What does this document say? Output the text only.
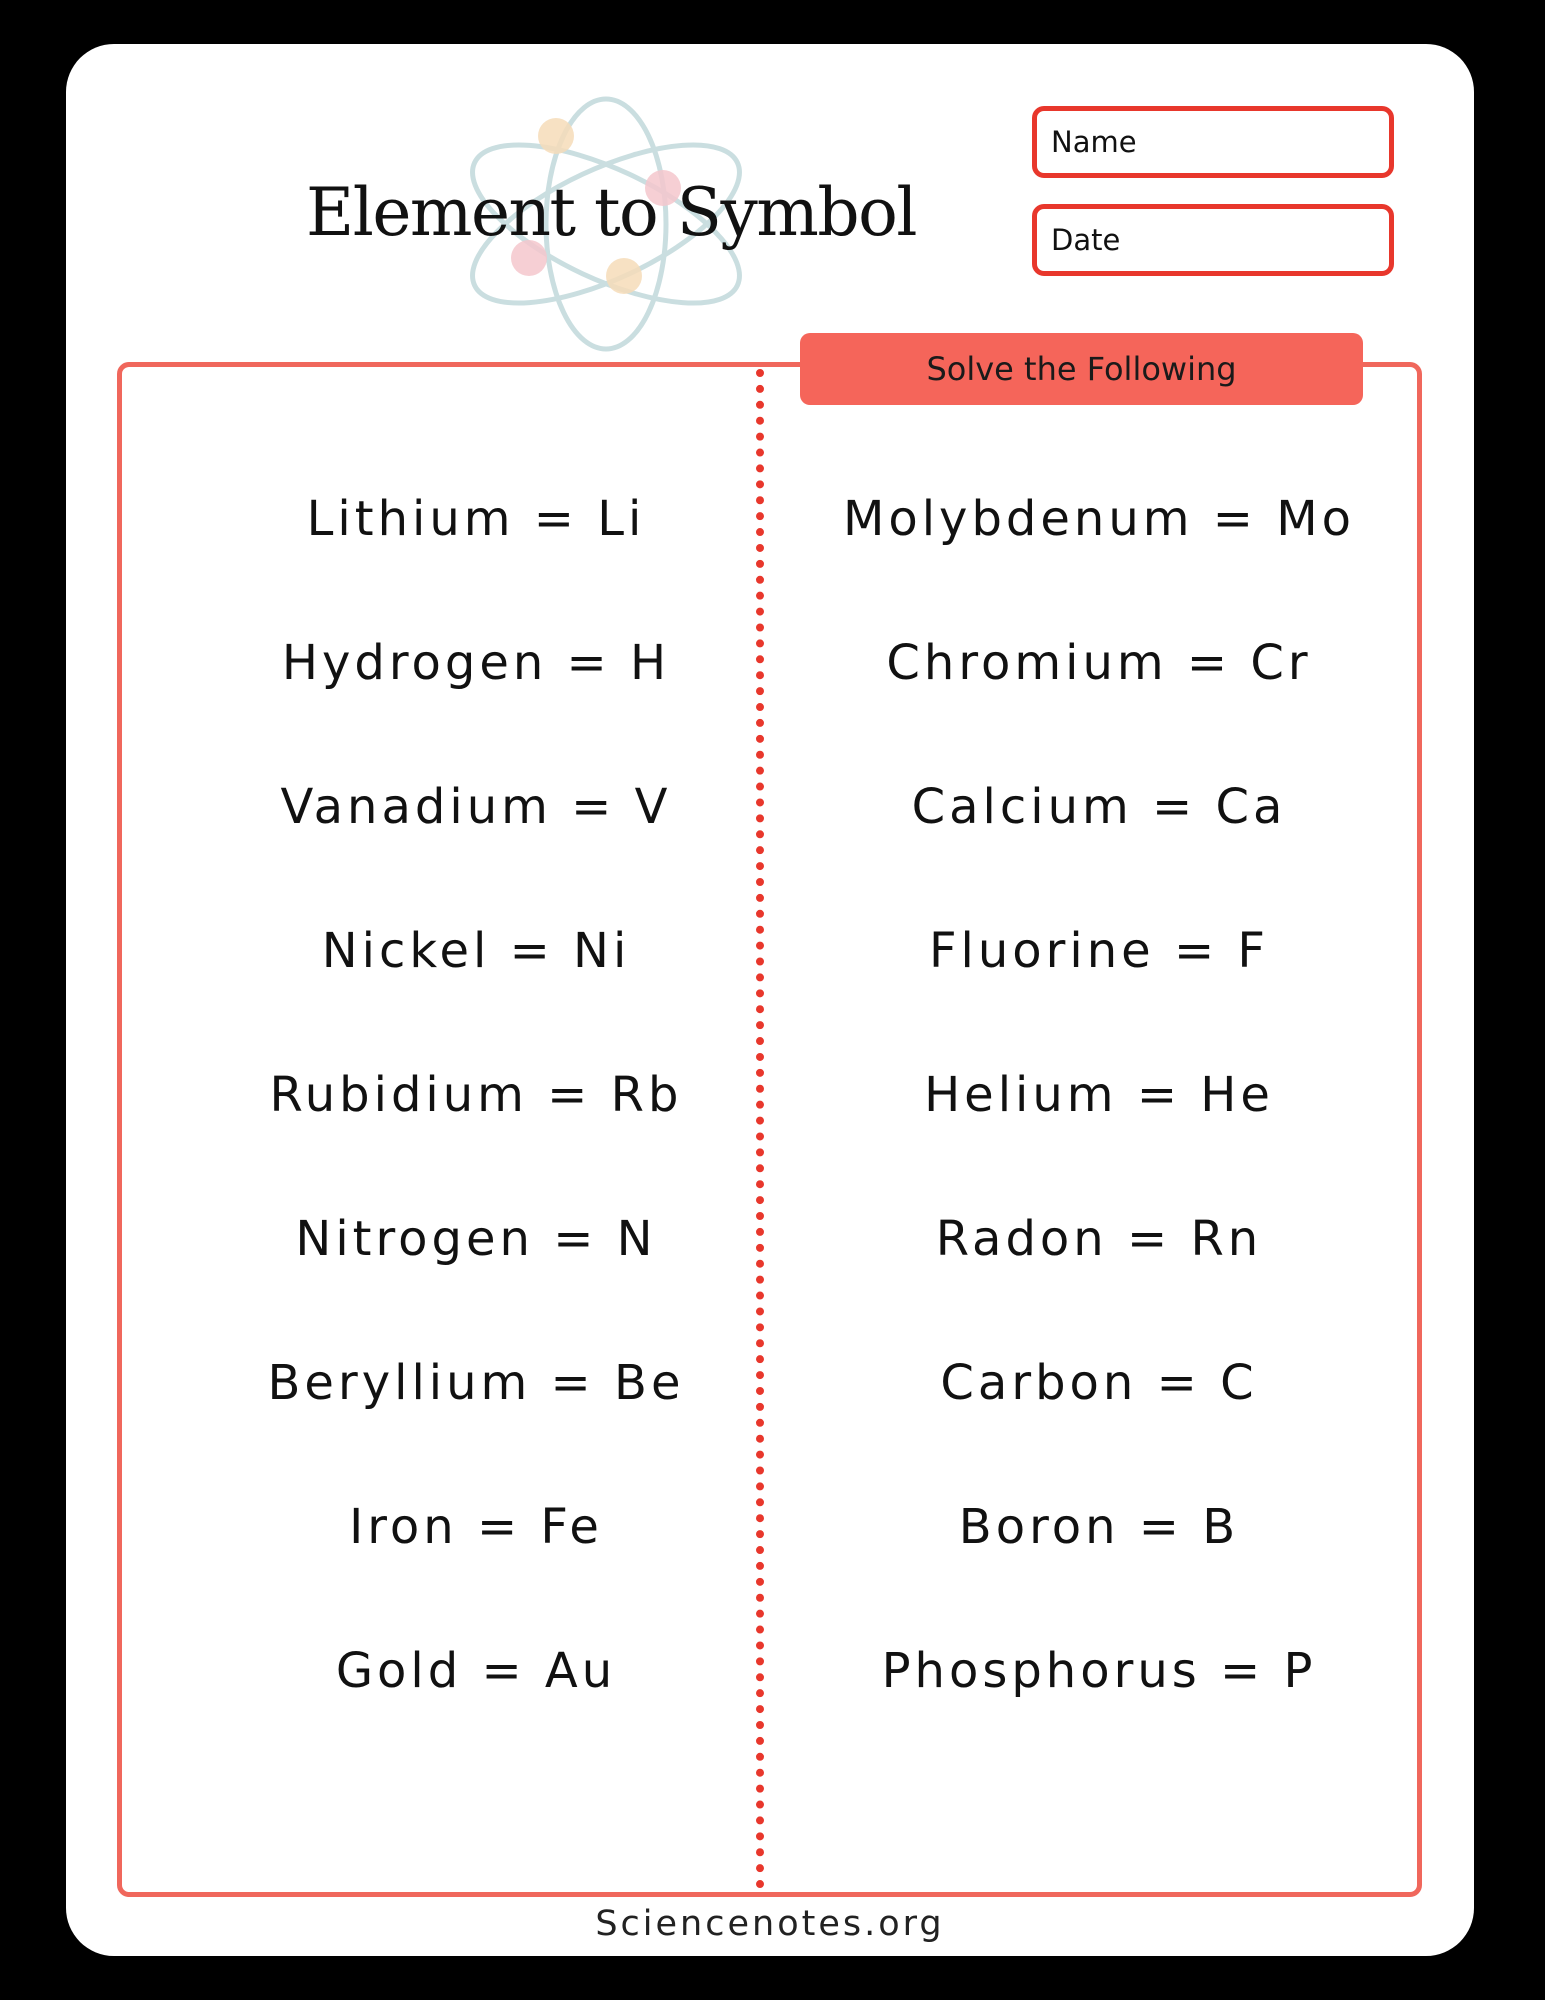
Element to Symbol
Name
Date
Solve the Following
Lithium = Li
Hydrogen = H
Vanadium = V
Nickel = Ni
Rubidium = Rb
Nitrogen = N
Beryllium = Be
Iron = Fe
Gold = Au
Molybdenum = Mo
Chromium = Cr
Calcium = Ca
Fluorine = F
Helium = He
Radon = Rn
Carbon = C
Boron = B
Phosphorus = P
Sciencenotes.org
